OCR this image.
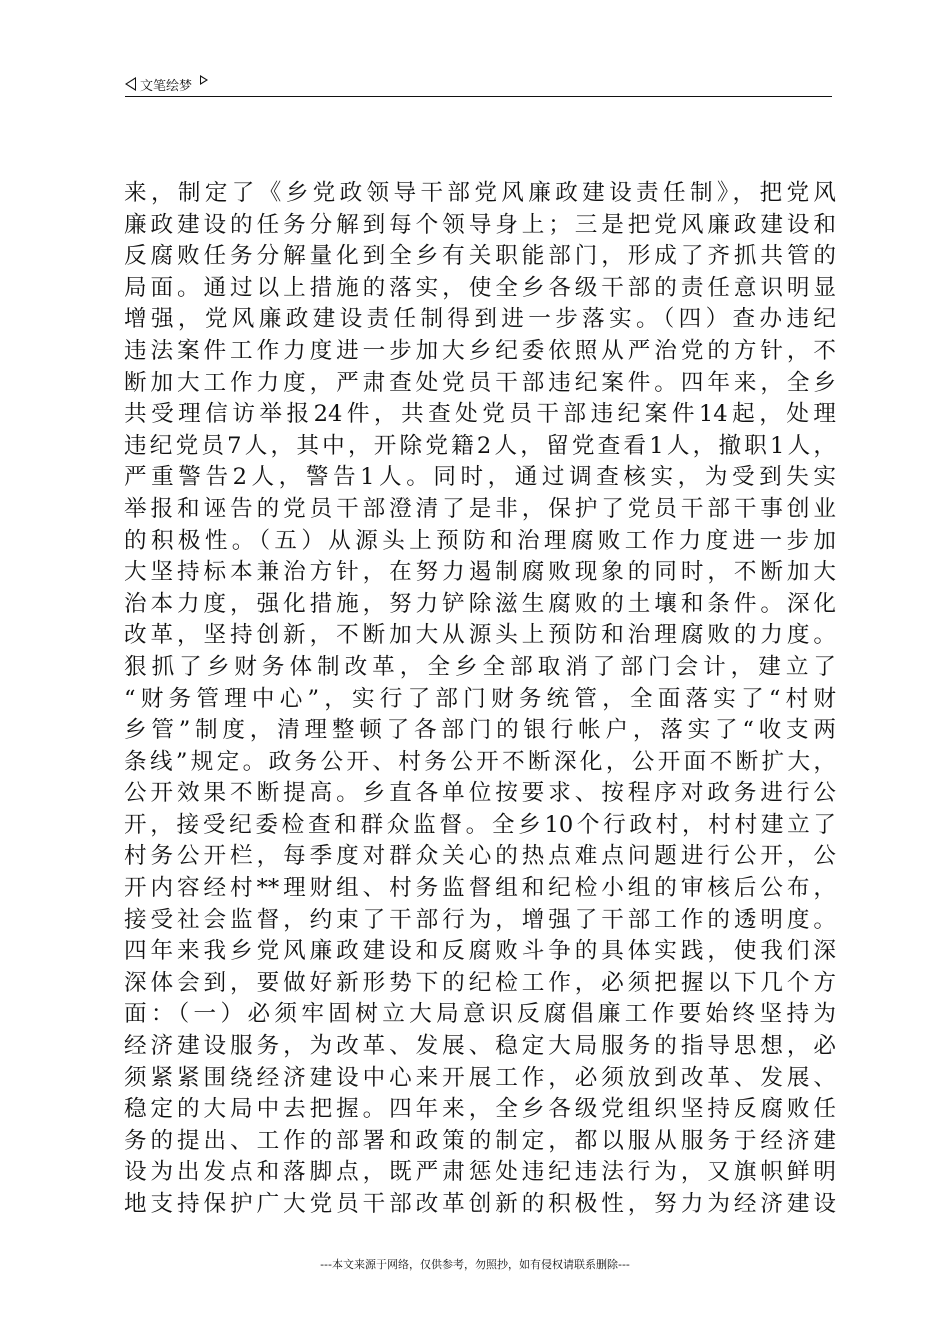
文笔绘梦
来，制定了《乡党政领导干部党风廉政建设责任制》，把党风
廉政建设的任务分解到每个领导身上；三是把党风廉政建设和
反腐败任务分解量化到全乡有关职能部门，形成了齐抓共管的
局面。通过以上措施的落实，使全乡各级干部的责任意识明显
增强，党风廉政建设责任制得到进一步落实。（四）查办违纪
违法案件工作力度进一步加大乡纪委依照从严治党的方针，不
断加大工作力度，严肃查处党员干部违纪案件。四年来，全乡
共受理信访举报24件，共查处党员干部违纪案件14起，处理
违纪党员7人，其中，开除党籍2人，留党查看1人，撤职1人，
严重警告2人，警告1人。同时，通过调查核实，为受到失实
举报和诬告的党员干部澄清了是非，保护了党员干部干事创业
的积极性。（五）从源头上预防和治理腐败工作力度进一步加
大坚持标本兼治方针，在努力遏制腐败现象的同时，不断加大
治本力度，强化措施，努力铲除滋生腐败的土壤和条件。深化
改革，坚持创新，不断加大从源头上预防和治理腐败的力度。
狠抓了乡财务体制改革，全乡全部取消了部门会计，建立了
“财务管理中心”，实行了部门财务统管，全面落实了“村财
乡管”制度，清理整顿了各部门的银行帐户，落实了“收支两
条线”规定。政务公开、村务公开不断深化，公开面不断扩大，
公开效果不断提高。乡直各单位按要求、按程序对政务进行公
开，接受纪委检查和群众监督。全乡10个行政村，村村建立了
村务公开栏，每季度对群众关心的热点难点问题进行公开，公
开内容经村**理财组、村务监督组和纪检小组的审核后公布，
接受社会监督，约束了干部行为，增强了干部工作的透明度。
四年来我乡党风廉政建设和反腐败斗争的具体实践，使我们深
深体会到，要做好新形势下的纪检工作，必须把握以下几个方
面：（一）必须牢固树立大局意识反腐倡廉工作要始终坚持为
经济建设服务，为改革、发展、稳定大局服务的指导思想，必
须紧紧围绕经济建设中心来开展工作，必须放到改革、发展、
稳定的大局中去把握。四年来，全乡各级党组织坚持反腐败任
务的提出、工作的部署和政策的制定，都以服从服务于经济建
设为出发点和落脚点，既严肃惩处违纪违法行为，又旗帜鲜明
地支持保护广大党员干部改革创新的积极性，努力为经济建设
---本文来源于网络，仅供参考，勿照抄，如有侵权请联系删除---
